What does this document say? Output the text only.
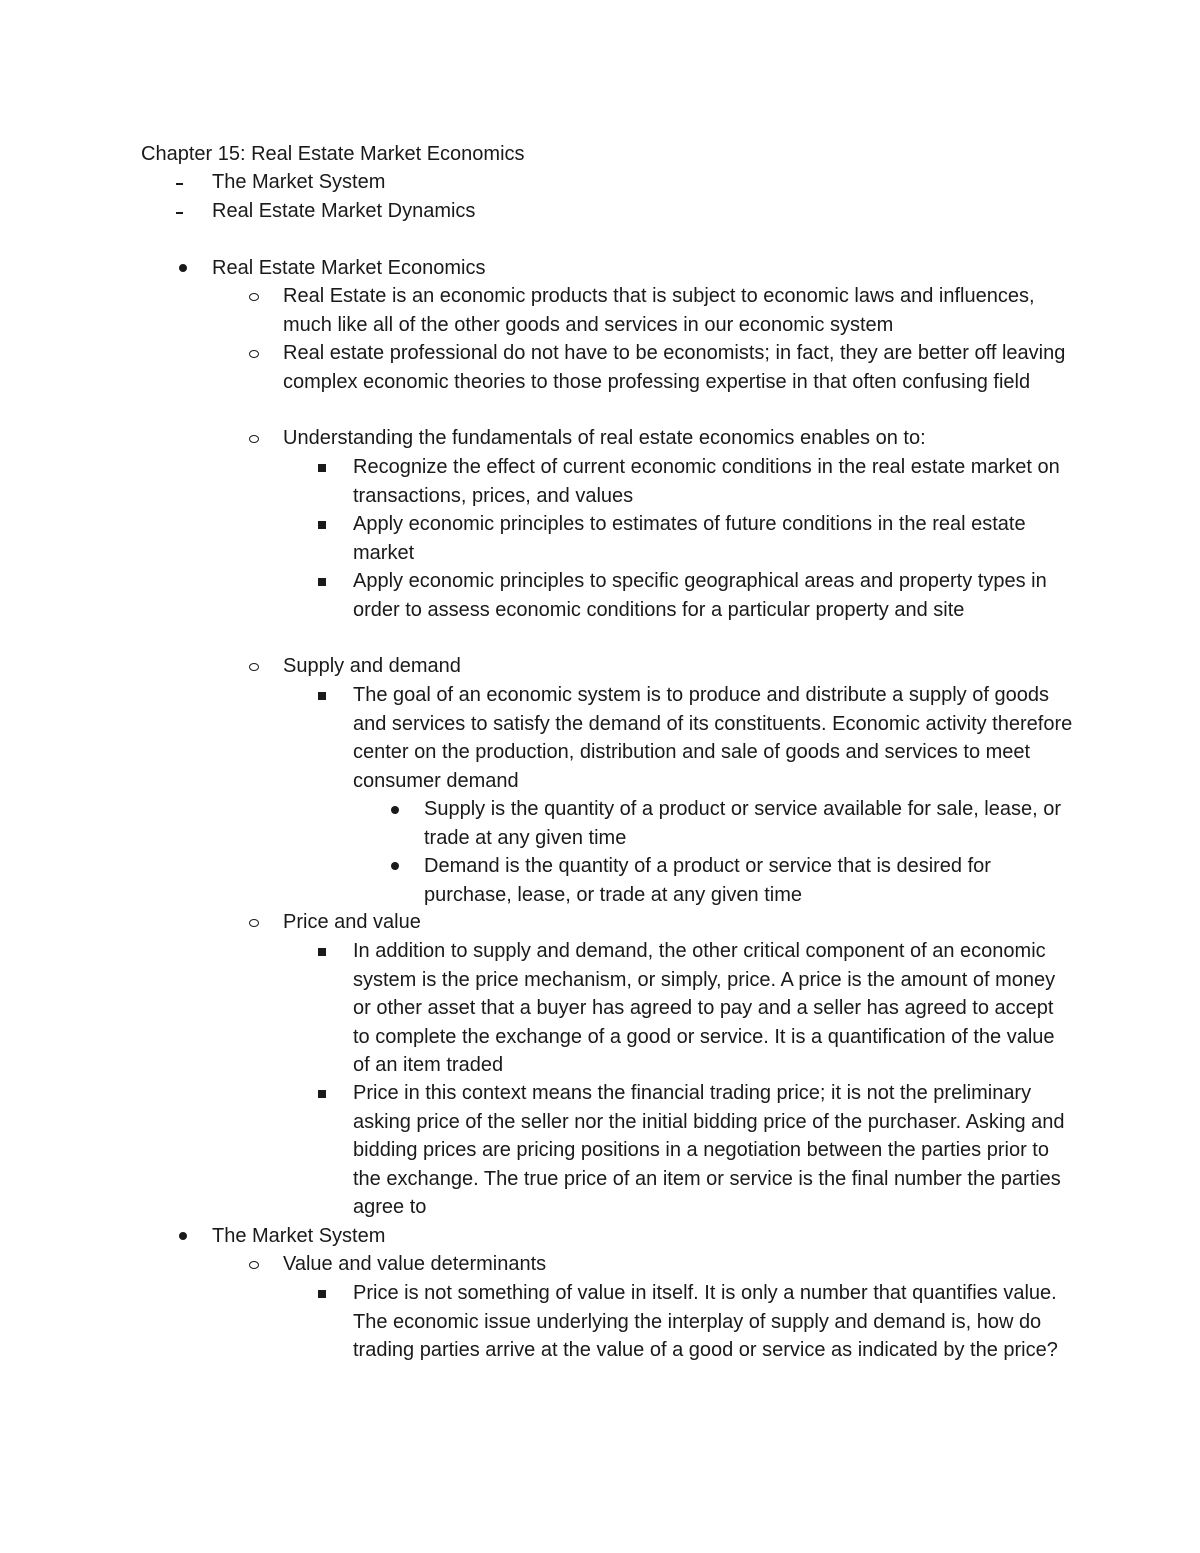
Chapter 15: Real Estate Market Economics
The Market System
Real Estate Market Dynamics
Real Estate Market Economics
Real Estate is an economic products that is subject to economic laws and influences, much like all of the other goods and services in our economic system
Real estate professional do not have to be economists; in fact, they are better off leaving complex economic theories to those professing expertise in that often confusing field
Understanding the fundamentals of real estate economics enables on to:
Recognize the effect of current economic conditions in the real estate market on transactions, prices, and values
Apply economic principles to estimates of future conditions in the real estate market
Apply economic principles to specific geographical areas and property types in order to assess economic conditions for a particular property and site
Supply and demand
The goal of an economic system is to produce and distribute a supply of goods and services to satisfy the demand of its constituents. Economic activity therefore center on the production, distribution and sale of goods and services to meet consumer demand
Supply is the quantity of a product or service available for sale, lease, or trade at any given time
Demand is the quantity of a product or service that is desired for purchase, lease, or trade at any given time
Price and value
In addition to supply and demand, the other critical component of an economic system is the price mechanism, or simply, price. A price is the amount of money or other asset that a buyer has agreed to pay and a seller has agreed to accept to complete the exchange of a good or service. It is a quantification of the value of an item traded
Price in this context means the financial trading price; it is not the preliminary asking price of the seller nor the initial bidding price of the purchaser. Asking and bidding prices are pricing positions in a negotiation between the parties prior to the exchange. The true price of an item or service is the final number the parties agree to
The Market System
Value and value determinants
Price is not something of value in itself. It is only a number that quantifies value. The economic issue underlying the interplay of supply and demand is, how do trading parties arrive at the value of a good or service as indicated by the price?
